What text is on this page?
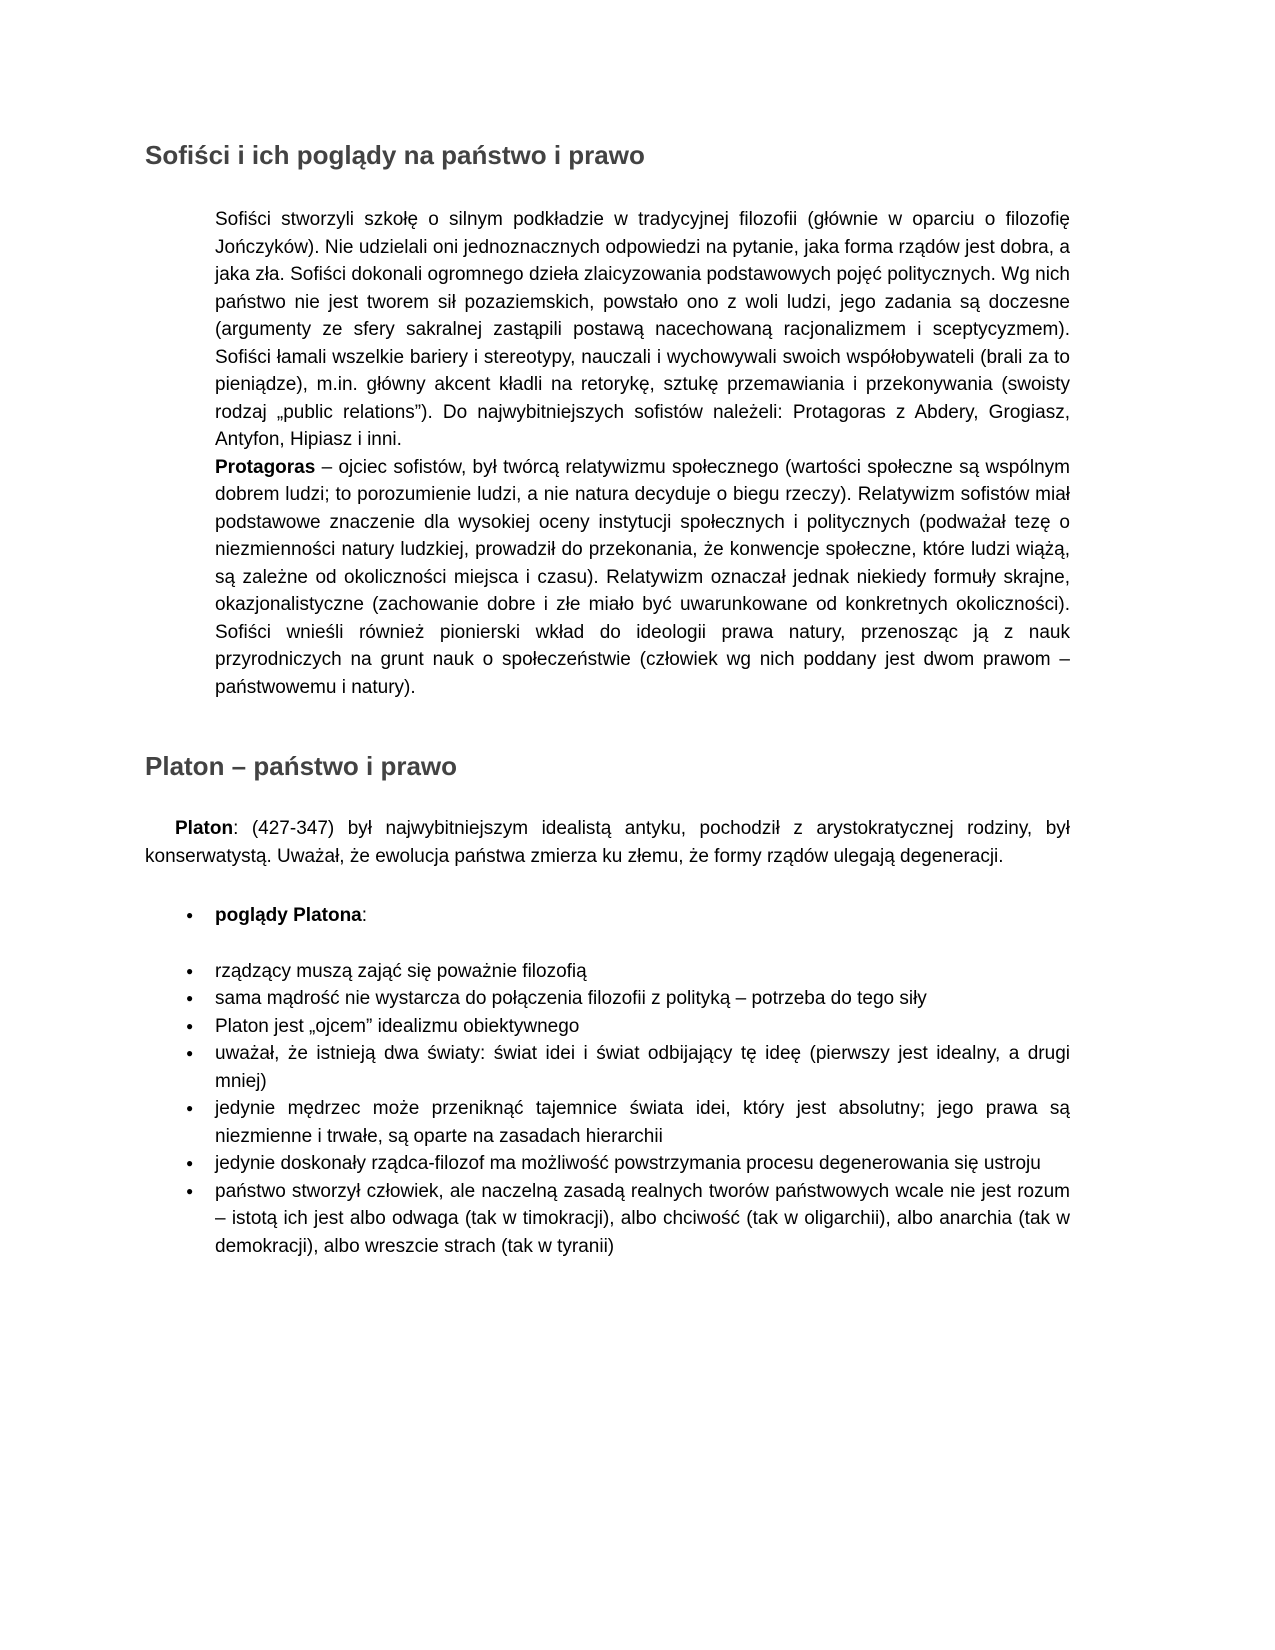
Sofiści i ich poglądy na państwo i prawo

Sofiści stworzyli szkołę o silnym podkładzie w tradycyjnej filozofii (głównie w oparciu o filozofię Jończyków). Nie udzielali oni jednoznacznych odpowiedzi na pytanie, jaka forma rządów jest dobra, a jaka zła. Sofiści dokonali ogromnego dzieła zlaicyzowania podstawowych pojęć politycznych. Wg nich państwo nie jest tworem sił pozaziemskich, powstało ono z woli ludzi, jego zadania są doczesne (argumenty ze sfery sakralnej zastąpili postawą nacechowaną racjonalizmem i sceptycyzmem). Sofiści łamali wszelkie bariery i stereotypy, nauczali i wychowywali swoich współobywateli (brali za to pieniądze), m.in. główny akcent kładli na retorykę, sztukę przemawiania i przekonywania (swoisty rodzaj „public relations”). Do najwybitniejszych sofistów należeli: Protagoras z Abdery, Grogiasz, Antyfon, Hipiasz i inni.

Protagoras – ojciec sofistów, był twórcą relatywizmu społecznego (wartości społeczne są wspólnym dobrem ludzi; to porozumienie ludzi, a nie natura decyduje o biegu rzeczy). Relatywizm sofistów miał podstawowe znaczenie dla wysokiej oceny instytucji społecznych i politycznych (podważał tezę o niezmienności natury ludzkiej, prowadził do przekonania, że konwencje społeczne, które ludzi wiążą, są zależne od okoliczności miejsca i czasu). Relatywizm oznaczał jednak niekiedy formuły skrajne, okazjonalistyczne (zachowanie dobre i złe miało być uwarunkowane od konkretnych okoliczności). Sofiści wnieśli również pionierski wkład do ideologii prawa natury, przenosząc ją z nauk przyrodniczych na grunt nauk o społeczeństwie (człowiek wg nich poddany jest dwom prawom – państwowemu i natury).

Platon – państwo i prawo

Platon: (427-347) był najwybitniejszym idealistą antyku, pochodził z arystokratycznej rodziny, był konserwatystą. Uważał, że ewolucja państwa zmierza ku złemu, że formy rządów ulegają degeneracji.

● poglądy Platona:
● rządzący muszą zająć się poważnie filozofią
● sama mądrość nie wystarcza do połączenia filozofii z polityką – potrzeba do tego siły
● Platon jest „ojcem” idealizmu obiektywnego
● uważał, że istnieją dwa światy: świat idei i świat odbijający tę ideę (pierwszy jest idealny, a drugi mniej)
● jedynie mędrzec może przeniknąć tajemnice świata idei, który jest absolutny; jego prawa są niezmienne i trwałe, są oparte na zasadach hierarchii
● jedynie doskonały rządca-filozof ma możliwość powstrzymania procesu degenerowania się ustroju
● państwo stworzył człowiek, ale naczelną zasadą realnych tworów państwowych wcale nie jest rozum – istotą ich jest albo odwaga (tak w timokracji), albo chciwość (tak w oligarchii), albo anarchia (tak w demokracji), albo wreszcie strach (tak w tyranii)
